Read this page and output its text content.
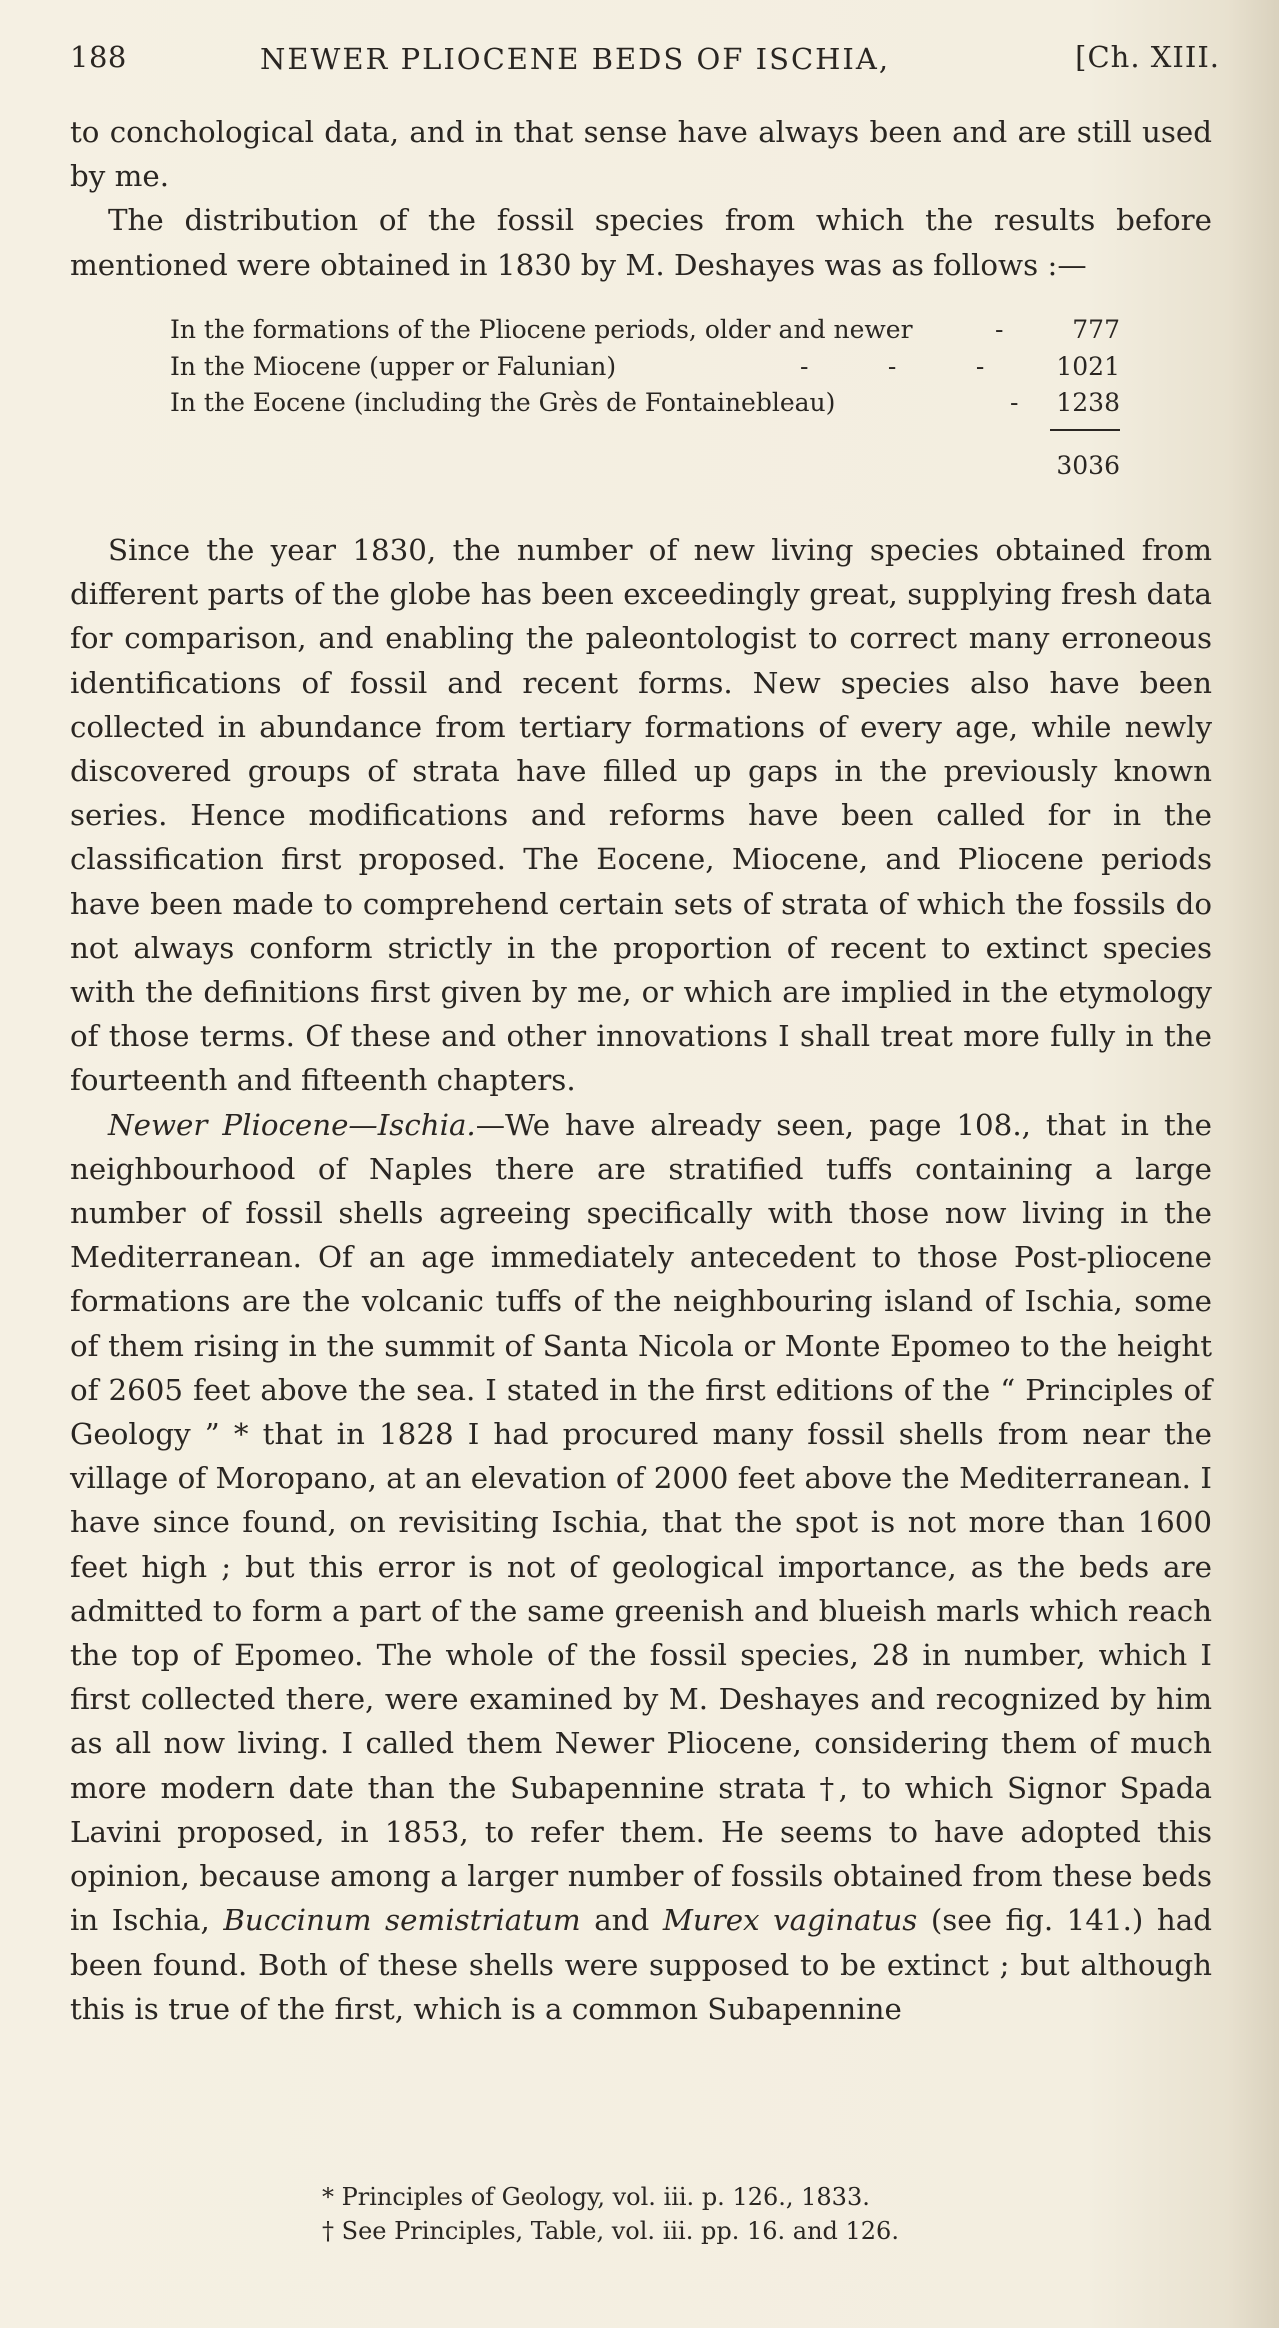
188	NEWER PLIOCENE BEDS OF ISCHIA,	[Ch. XIII.

to conchological data, and in that sense have always been and are still used by me.

The distribution of the fossil species from which the results before mentioned were obtained in 1830 by M. Deshayes was as follows :—

In the formations of the Pliocene periods, older and newer	-	777
In the Miocene (upper or Falunian)	-          -          -	1021
In the Eocene (including the Grès de Fontainebleau)	-	1238
3036

Since the year 1830, the number of new living species obtained from different parts of the globe has been exceedingly great, supplying fresh data for comparison, and enabling the paleontologist to correct many erroneous identifications of fossil and recent forms. New species also have been collected in abundance from tertiary formations of every age, while newly discovered groups of strata have filled up gaps in the previously known series. Hence modifications and reforms have been called for in the classification first proposed. The Eocene, Miocene, and Pliocene periods have been made to comprehend certain sets of strata of which the fossils do not always conform strictly in the proportion of recent to extinct species with the definitions first given by me, or which are implied in the etymology of those terms. Of these and other innovations I shall treat more fully in the fourteenth and fifteenth chapters.

Newer Pliocene—Ischia.—We have already seen, page 108., that in the neighbourhood of Naples there are stratified tuffs containing a large number of fossil shells agreeing specifically with those now living in the Mediterranean. Of an age immediately antecedent to those Post-pliocene formations are the volcanic tuffs of the neighbouring island of Ischia, some of them rising in the summit of Santa Nicola or Monte Epomeo to the height of 2605 feet above the sea. I stated in the first editions of the “ Principles of Geology ” * that in 1828 I had procured many fossil shells from near the village of Moropano, at an elevation of 2000 feet above the Mediterranean. I have since found, on revisiting Ischia, that the spot is not more than 1600 feet high ; but this error is not of geological importance, as the beds are admitted to form a part of the same greenish and blueish marls which reach the top of Epomeo. The whole of the fossil species, 28 in number, which I first collected there, were examined by M. Deshayes and recognized by him as all now living. I called them Newer Pliocene, considering them of much more modern date than the Subapennine strata †, to which Signor Spada Lavini proposed, in 1853, to refer them. He seems to have adopted this opinion, because among a larger number of fossils obtained from these beds in Ischia, Buccinum semistriatum and Murex vaginatus (see fig. 141.) had been found. Both of these shells were supposed to be extinct ; but although this is true of the first, which is a common Subapennine

* Principles of Geology, vol. iii. p. 126., 1833.
† See Principles, Table, vol. iii. pp. 16. and 126.
